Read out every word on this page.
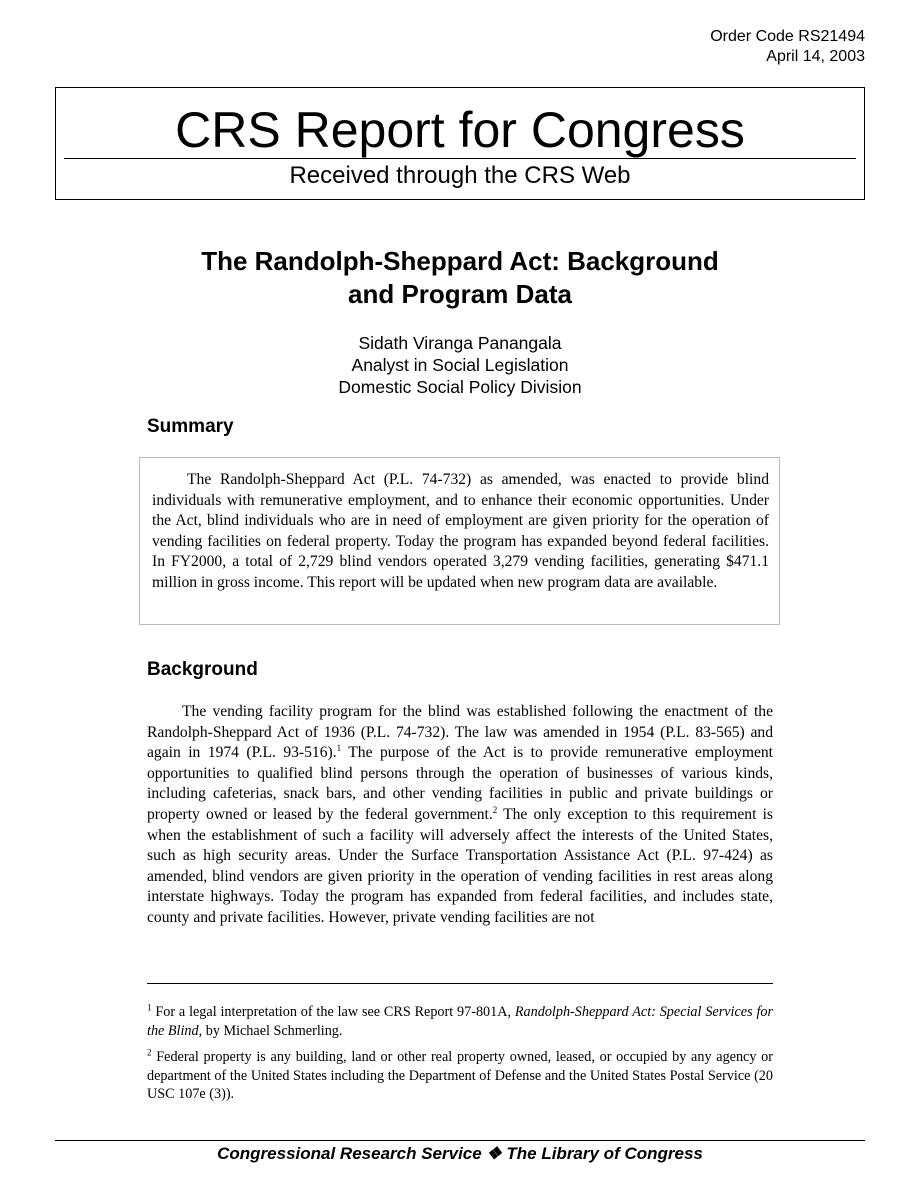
Order Code RS21494
April 14, 2003
CRS Report for Congress
Received through the CRS Web
The Randolph-Sheppard Act: Background
and Program Data
Sidath Viranga Panangala
Analyst in Social Legislation
Domestic Social Policy Division
Summary

The Randolph-Sheppard Act (P.L. 74-732) as amended, was enacted to provide blind individuals with remunerative employment, and to enhance their economic opportunities. Under the Act, blind individuals who are in need of employment are given priority for the operation of vending facilities on federal property. Today the program has expanded beyond federal facilities. In FY2000, a total of 2,729 blind vendors operated 3,279 vending facilities, generating $471.1 million in gross income. This report will be updated when new program data are available.

Background

The vending facility program for the blind was established following the enactment of the Randolph-Sheppard Act of 1936 (P.L. 74-732). The law was amended in 1954 (P.L. 83-565) and again in 1974 (P.L. 93-516).$^1$ The purpose of the Act is to provide remunerative employment opportunities to qualified blind persons through the operation of businesses of various kinds, including cafeterias, snack bars, and other vending facilities in public and private buildings or property owned or leased by the federal government.$^2$ The only exception to this requirement is when the establishment of such a facility will adversely affect the interests of the United States, such as high security areas. Under the Surface Transportation Assistance Act (P.L. 97-424) as amended, blind vendors are given priority in the operation of vending facilities in rest areas along interstate highways. Today the program has expanded from federal facilities, and includes state, county and private facilities. However, private vending facilities are not

$^1$ For a legal interpretation of the law see CRS Report 97-801A, Randolph-Sheppard Act: Special Services for the Blind, by Michael Schmerling.

$^2$ Federal property is any building, land or other real property owned, leased, or occupied by any agency or department of the United States including the Department of Defense and the United States Postal Service (20 USC 107e (3)).

Congressional Research Service ❖ The Library of Congress
